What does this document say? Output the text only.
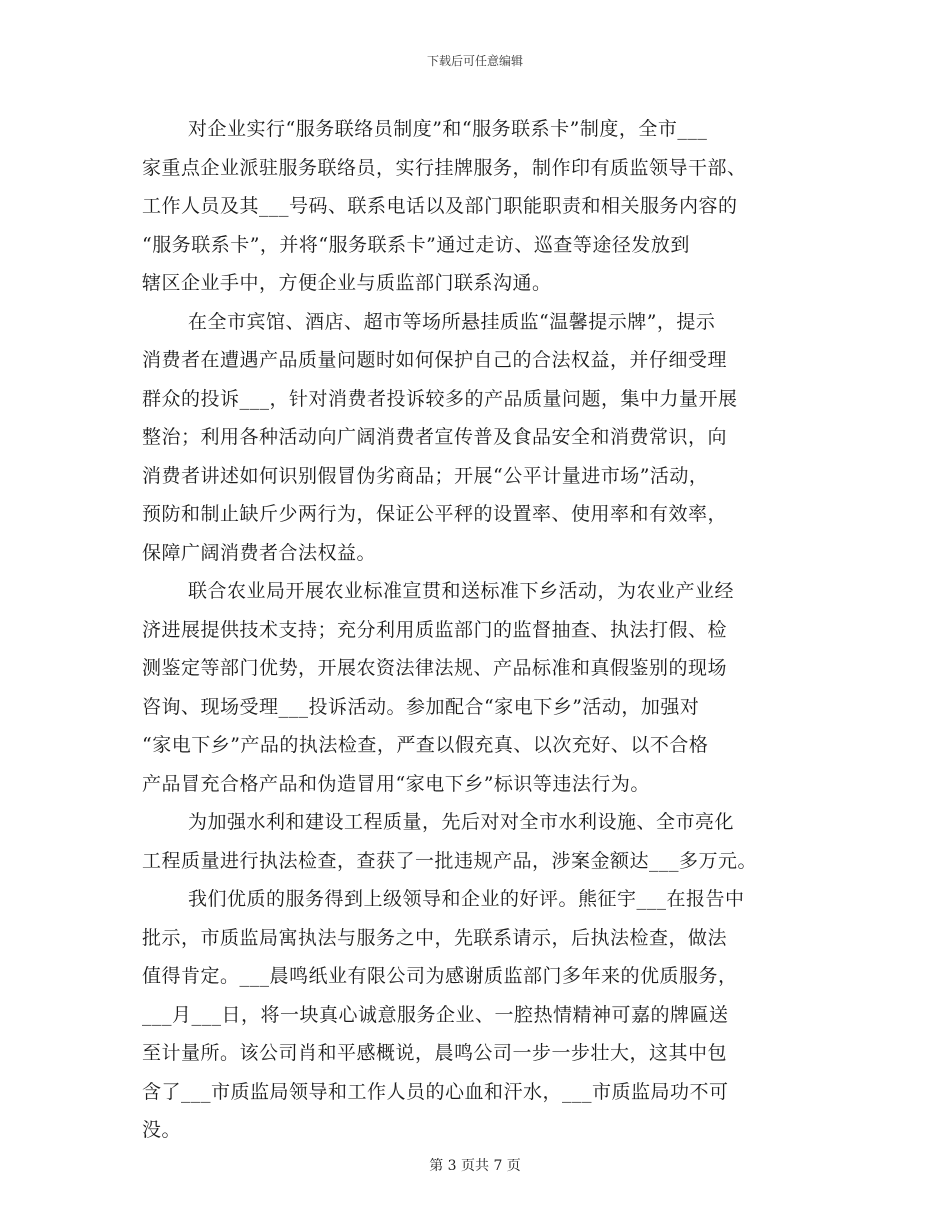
下载后可任意编辑
对企业实行“服务联络员制度”和“服务联系卡”制度，全市___
家重点企业派驻服务联络员，实行挂牌服务，制作印有质监领导干部、
工作人员及其___号码、联系电话以及部门职能职责和相关服务内容的
“服务联系卡”，并将“服务联系卡”通过走访、巡查等途径发放到
辖区企业手中，方便企业与质监部门联系沟通。
在全市宾馆、酒店、超市等场所悬挂质监“温馨提示牌”，提示
消费者在遭遇产品质量问题时如何保护自己的合法权益，并仔细受理
群众的投诉___，针对消费者投诉较多的产品质量问题，集中力量开展
整治；利用各种活动向广阔消费者宣传普及食品安全和消费常识，向
消费者讲述如何识别假冒伪劣商品；开展“公平计量进市场”活动，
预防和制止缺斤少两行为，保证公平秤的设置率、使用率和有效率，
保障广阔消费者合法权益。
联合农业局开展农业标准宣贯和送标准下乡活动，为农业产业经
济进展提供技术支持；充分利用质监部门的监督抽查、执法打假、检
测鉴定等部门优势，开展农资法律法规、产品标准和真假鉴别的现场
咨询、现场受理___投诉活动。参加配合“家电下乡”活动，加强对
“家电下乡”产品的执法检查，严查以假充真、以次充好、以不合格
产品冒充合格产品和伪造冒用“家电下乡”标识等违法行为。
为加强水利和建设工程质量，先后对对全市水利设施、全市亮化
工程质量进行执法检查，查获了一批违规产品，涉案金额达___多万元。
我们优质的服务得到上级领导和企业的好评。熊征宇___在报告中
批示，市质监局寓执法与服务之中，先联系请示，后执法检查，做法
值得肯定。___晨鸣纸业有限公司为感谢质监部门多年来的优质服务，
___月___日，将一块真心诚意服务企业、一腔热情精神可嘉的牌匾送
至计量所。该公司肖和平感概说，晨鸣公司一步一步壮大，这其中包
含了___市质监局领导和工作人员的心血和汗水，___市质监局功不可
没。
第 3 页共 7 页
